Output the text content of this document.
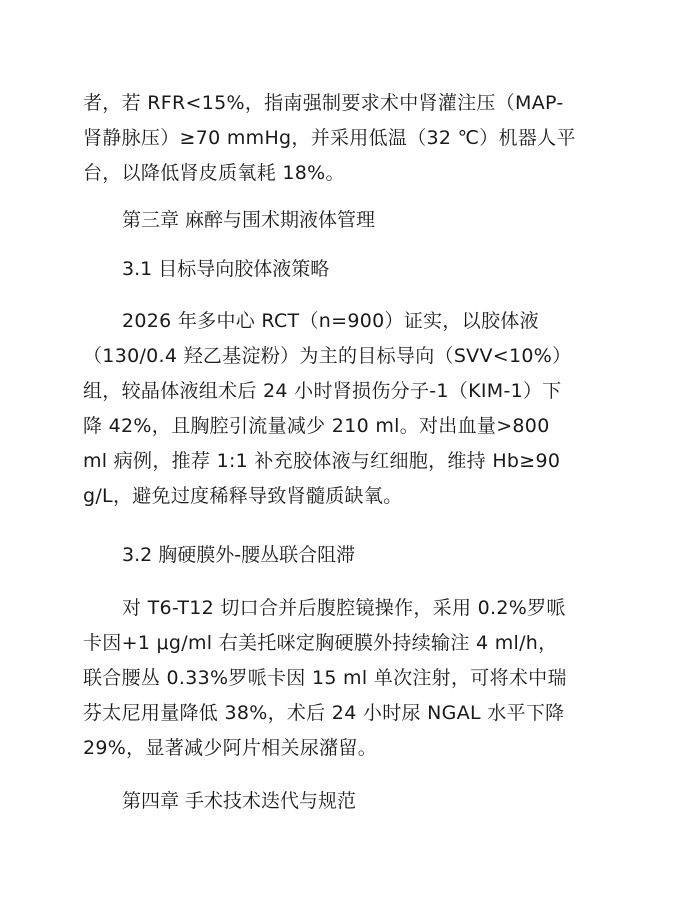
者，若 RFR<15%，指南强制要求术中肾灌注压（MAP-
肾静脉压）≥70 mmHg，并采用低温（32 ℃）机器人平
台，以降低肾皮质氧耗 18%。

第三章 麻醉与围术期液体管理
3.1 目标导向胶体液策略

2026 年多中心 RCT（n=900）证实，以胶体液
（130/0.4 羟乙基淀粉）为主的目标导向（SVV<10%）
组，较晶体液组术后 24 小时肾损伤分子-1（KIM-1）下
降 42%，且胸腔引流量减少 210 ml。对出血量>800
ml 病例，推荐 1:1 补充胶体液与红细胞，维持 Hb≥90
g/L，避免过度稀释导致肾髓质缺氧。

3.2 胸硬膜外-腰丛联合阻滞

对 T6-T12 切口合并后腹腔镜操作，采用 0.2%罗哌
卡因+1 μg/ml 右美托咪定胸硬膜外持续输注 4 ml/h，
联合腰丛 0.33%罗哌卡因 15 ml 单次注射，可将术中瑞
芬太尼用量降低 38%，术后 24 小时尿 NGAL 水平下降
29%，显著减少阿片相关尿潴留。

第四章 手术技术迭代与规范
